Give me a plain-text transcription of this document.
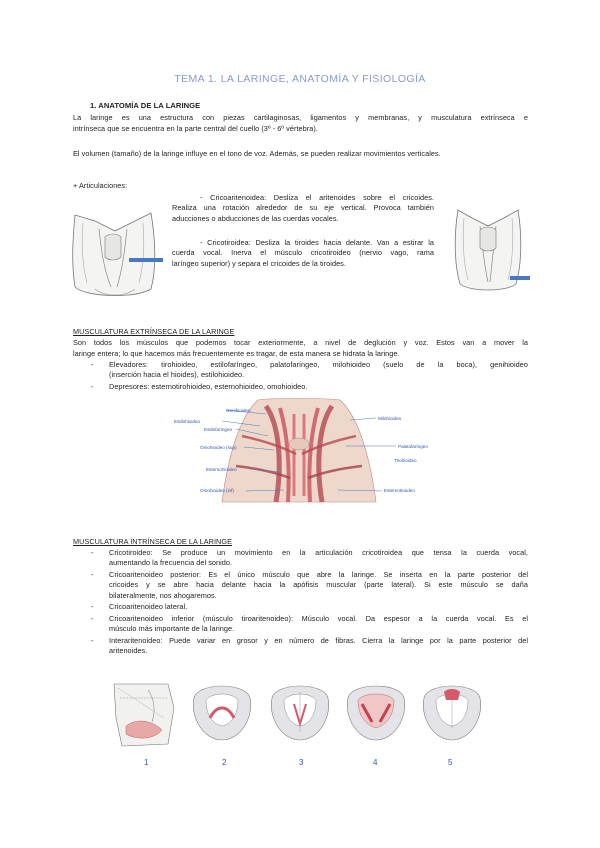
TEMA 1. LA LARINGE, ANATOMÍA Y FISIOLOGÍA
1. ANATOMÍA DE LA LARINGE
La laringe es una estructura con piezas cartilaginosas, ligamentos y membranas, y musculatura extrínseca e
intrínseca que se encuentra en la parte central del cuello (3º - 6º vértebra).
El volumen (tamaño) de la laringe influye en el tono de voz. Además, se pueden realizar movimientos verticales.
+ Articulaciones:
- Cricoaritenoidea: Desliza el aritenoides sobre el cricoides.
Realiza una rotación alrededor de su eje vertical. Provoca también
aducciones o abducciones de las cuerdas vocales.
- Cricotiroidea: Desliza la tiroides hacia delante. Van a estirar la
cuerda vocal. Inerva el músculo cricotiroideo (nervio vago, rama
laríngeo superior) y separa el cricoides de la tiroides.
MUSCULATURA EXTRÍNSECA DE LA LARINGE
Son todos los músculos que podemos tocar exteriormente, a nivel de deglución y voz. Estos van a mover la
laringe entera; lo que hacemos más frecuentemente es tragar, de esta manera se hidrata la laringe.
- Elevadores: tirohioideo, estilofaríngeo, palatofaríngeo, milohioideo (suelo de la boca), genihioideo
(inserción hacia el hioides), estilohioideo.
-	Depresores: esternotirohioideo, esternohioideo, omohioideo.
Genihioideo
Estilohioideo
Estilofaríngeo
Omohioideo (sup)
Esternohioideo
Omohioideo (inf)
Milohioideo
Palatofaríngeo
Tirohioideo
Esternotiroideo
MUSCULATURA INTRÍNSECA DE LA LARINGE
- Cricotiroideo: Se produce un movimiento en la articulación cricotiroidea que tensa la cuerda vocal,
aumentando la frecuencia del sonido.
- Cricoaritenoideo posterior: Es el único músculo que abre la laringe. Se inserta en la parte posterior del
cricoides y se abre hacia delante hacia la apófisis muscular (parte lateral). Si este músculo se daña
bilateralmente, nos ahogaremos.
-	Cricoaritenoideo lateral.
- Cricoaritenoideo inferior (músculo tiroaritenoideo): Músculo vocal. Da espesor a la cuerda vocal. Es el
músculo más importante de la laringe.
- Interaritenoideo: Puede variar en grosor y en número de fibras. Cierra la laringe por la parte posterior del
aritenoides.
1	2	3	4	5
